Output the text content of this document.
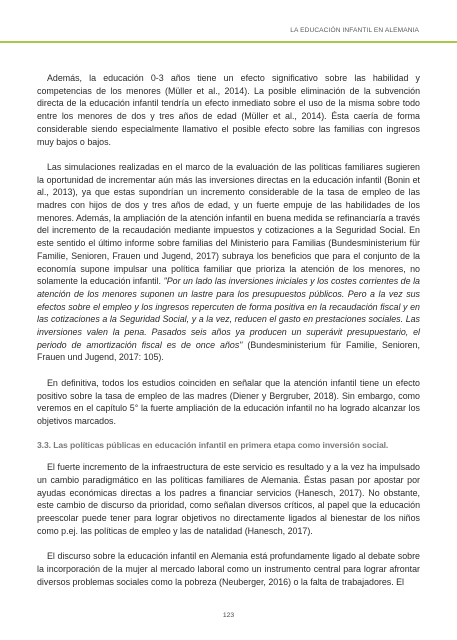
LA EDUCACIÓN INFANTIL EN ALEMANIA

Además, la educación 0-3 años tiene un efecto significativo sobre las habilidad y competencias de los menores (Müller et al., 2014). La posible eliminación de la subvención directa de la educación infantil tendría un efecto inmediato sobre el uso de la misma sobre todo entre los menores de dos y tres años de edad (Müller et al., 2014). Ésta caería de forma considerable siendo especialmente llamativo el posible efecto sobre las familias con ingresos muy bajos o bajos.

Las simulaciones realizadas en el marco de la evaluación de las políticas familiares sugieren la oportunidad de incrementar aún más las inversiones directas en la educación infantil (Bonin et al., 2013), ya que estas supondrían un incremento considerable de la tasa de empleo de las madres con hijos de dos y tres años de edad, y un fuerte empuje de las habilidades de los menores. Además, la ampliación de la atención infantil en buena medida se refinanciaría a través del incremento de la recaudación mediante impuestos y cotizaciones a la Seguridad Social. En este sentido el último informe sobre familias del Ministerio para Familias (Bundesministerium für Familie, Senioren, Frauen und Jugend, 2017) subraya los beneficios que para el conjunto de la economía supone impulsar una política familiar que prioriza la atención de los menores, no solamente la educación infantil. "Por un lado las inversiones iniciales y los costes corrientes de la atención de los menores suponen un lastre para los presupuestos públicos. Pero a la vez sus efectos sobre el empleo y los ingresos repercuten de forma positiva en la recaudación fiscal y en las cotizaciones a la Seguridad Social, y a la vez, reducen el gasto en prestaciones sociales. Las inversiones valen la pena. Pasados seis años ya producen un superávit presupuestario, el periodo de amortización fiscal es de once años" (Bundesministerium für Familie, Senioren, Frauen und Jugend, 2017: 105).

En definitiva, todos los estudios coinciden en señalar que la atención infantil tiene un efecto positivo sobre la tasa de empleo de las madres (Diener y Bergruber, 2018). Sin embargo, como veremos en el capítulo 5° la fuerte ampliación de la educación infantil no ha logrado alcanzar los objetivos marcados.

3.3. Las políticas públicas en educación infantil en primera etapa como inversión social.

El fuerte incremento de la infraestructura de este servicio es resultado y a la vez ha impulsado un cambio paradigmático en las políticas familiares de Alemania. Éstas pasan por apostar por ayudas económicas directas a los padres a financiar servicios (Hanesch, 2017). No obstante, este cambio de discurso da prioridad, como señalan diversos críticos, al papel que la educación preescolar puede tener para lograr objetivos no directamente ligados al bienestar de los niños como p.ej. las políticas de empleo y las de natalidad (Hanesch, 2017).

El discurso sobre la educación infantil en Alemania está profundamente ligado al debate sobre la incorporación de la mujer al mercado laboral como un instrumento central para lograr afrontar diversos problemas sociales como la pobreza (Neuberger, 2016) o la falta de trabajadores. El

123
